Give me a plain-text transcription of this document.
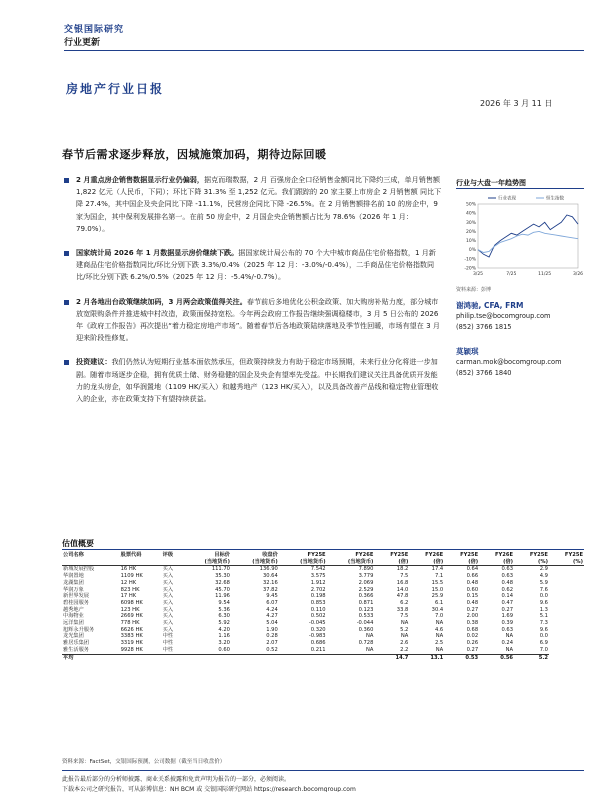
交银国际研究
行业更新
房地产行业日报
2026 年 3 月 11 日
春节后需求逐步释放，因城施策加码，期待边际回暖
2 月重点房企销售数据显示行业仍偏弱，据克而瑞数据，2 月 百强房企全口径销售金额同比下降约三成，单月销售额 1,822 亿元（人民币，下同）；环比下降 31.3% 至 1,252 亿元。我们跟踪的 20 家主要上市房企 2 月销售额 同比下降 27.4%，其中国企及央企同比下降 -11.1%，民营房企同比下降 -26.5%。在 2 月销售额排名前 10 的房企中，9 家为国企，其中保利发展排名第一。在前 50 房企中，2 月国企央企销售额占比为 78.6%（2026 年 1 月： 79.0%）。
国家统计局 2026 年 1 月数据显示房价继续下跌。据国家统计局公布的 70 个大中城市商品住宅价格指数，1 月新建商品住宅价格指数同比/环比分别下跌 3.3%/0.4%（2025 年 12 月：-3.0%/-0.4%），二手商品住宅价格指数同比/环比分别下跌 6.2%/0.5%（2025 年 12 月：-5.4%/-0.7%）。
2 月各地出台政策继续加码，3 月两会政策值得关注。春节前后多地优化公积金政策、加大购房补贴力度，部分城市放宽限购条件并推进城中村改造，政策面保持宽松。今年两会政府工作报告继续强调稳楼市，3 月 5 日公布的 2026 年《政府工作报告》再次提出“着力稳定房地产市场”。随着春节后各地政策陆续落地及季节性回暖，市场有望在 3 月迎来阶段性修复。
投资建议：我们仍然认为短期行业基本面依然承压，但政策持续发力有助于稳定市场预期，未来行业分化将进一步加剧。随着市场逐步企稳，拥有优质土储、财务稳健的国企及央企有望率先受益。中长期我们建议关注具备优质开发能力的龙头房企，如华润置地（1109 HK/买入）和越秀地产（123 HK/买入），以及具备改善产品线和稳定物业管理收入的企业，亦在政策支持下有望持续获益。
行业与大盘一年趋势图
50%
40%
30%
20%
10%
0%
-10%
-20%
3/25	7/25	11/25	3/26
行业表现	恒生指数
资料来源：彭博
谢鸿驰, CFA, FRM
philip.tse@bocomgroup.com
(852) 3766 1815
莫颖琪
carman.mok@bocomgroup.com
(852) 3766 1840
估值概要
公司名称	股票代码	评级	目标价	收盘价	FY25E	FY26E	FY25E	FY26E	FY25E	FY26E	FY25E	FY25E
			(当地货币)	(当地货币)	(当地货币)	(当地货币)	(倍)	(倍)	(倍)	(倍)	(%)	(%)
新城发展控股	16 HK	买入	111.70	136.90	7.542	7.890	18.2	17.4	0.64	0.63	2.9	
华润置地	1109 HK	买入	35.30	30.64	3.575	3.779	7.5	7.1	0.66	0.63	4.9	
龙湖集团	12 HK	买入	32.68	32.16	1.912	2.069	16.8	15.5	0.48	0.48	5.9	
华润万象	823 HK	买入	45.70	37.82	2.702	2.529	14.0	15.0	0.60	0.62	7.6	
新世界发展	17 HK	买入	11.96	9.45	0.198	0.366	47.8	25.9	0.15	0.14	0.0	
碧桂园服务	6098 HK	买入	9.54	6.07	0.853	0.871	6.2	6.1	0.48	0.47	9.6	
越秀地产	123 HK	买入	5.36	4.24	0.110	0.123	33.8	30.4	0.27	0.27	1.3	
中海物业	2669 HK	买入	6.30	4.27	0.502	0.533	7.5	7.0	2.00	1.69	5.1	
远洋集团	778 HK	买入	5.92	5.04	-0.045	-0.044	NA	NA	0.38	0.39	7.3	
旭辉永升服务	6626 HK	买入	4.20	1.90	0.320	0.360	5.2	4.6	0.68	0.63	9.6	
龙光集团	3383 HK	中性	1.16	0.28	-0.983	NA	NA	NA	0.02	NA	0.0	
雅居乐集团	3319 HK	中性	3.20	2.07	0.686	0.728	2.6	2.5	0.26	0.24	6.9	
雅生活服务	9928 HK	中性	0.60	0.52	0.211	NA	2.2	NA	0.27	NA	7.0	
平均							14.7	13.1	0.53	0.56	5.2	
资料来源：FactSet，交银国际预测，公司数据（截至当日收盘价）
此报告最后部分的分析师披露、商业关系披露和免责声明为报告的一部分，必须阅读。
下载本公司之研究报告，可从彭博信息：NH BCM 或 交银国际研究网站 https://research.bocomgroup.com
